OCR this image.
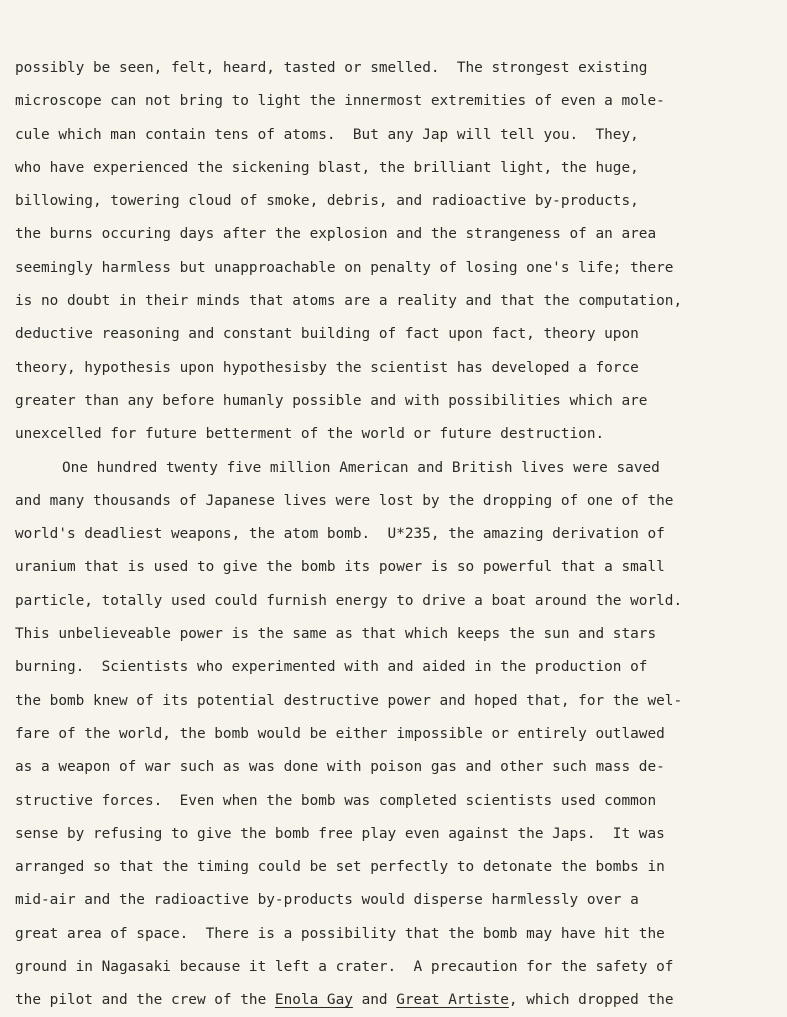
possibly be seen, felt, heard, tasted or smelled.  The strongest existing
microscope can not bring to light the innermost extremities of even a mole-
cule which man contain tens of atoms.  But any Jap will tell you.  They,
who have experienced the sickening blast, the brilliant light, the huge,
billowing, towering cloud of smoke, debris, and radioactive by-products,
the burns occuring days after the explosion and the strangeness of an area
seemingly harmless but unapproachable on penalty of losing one's life; there
is no doubt in their minds that atoms are a reality and that the computation,
deductive reasoning and constant building of fact upon fact, theory upon
theory, hypothesis upon hypothesisby the scientist has developed a force
greater than any before humanly possible and with possibilities which are
unexcelled for future betterment of the world or future destruction.
One hundred twenty five million American and British lives were saved
and many thousands of Japanese lives were lost by the dropping of one of the
world's deadliest weapons, the atom bomb.  U*235, the amazing derivation of
uranium that is used to give the bomb its power is so powerful that a small
particle, totally used could furnish energy to drive a boat around the world.
This unbelieveable power is the same as that which keeps the sun and stars
burning.  Scientists who experimented with and aided in the production of
the bomb knew of its potential destructive power and hoped that, for the wel-
fare of the world, the bomb would be either impossible or entirely outlawed
as a weapon of war such as was done with poison gas and other such mass de-
structive forces.  Even when the bomb was completed scientists used common
sense by refusing to give the bomb free play even against the Japs.  It was
arranged so that the timing could be set perfectly to detonate the bombs in
mid-air and the radioactive by-products would disperse harmlessly over a
great area of space.  There is a possibility that the bomb may have hit the
ground in Nagasaki because it left a crater.  A precaution for the safety of
the pilot and the crew of the Enola Gay and Great Artiste, which dropped the
